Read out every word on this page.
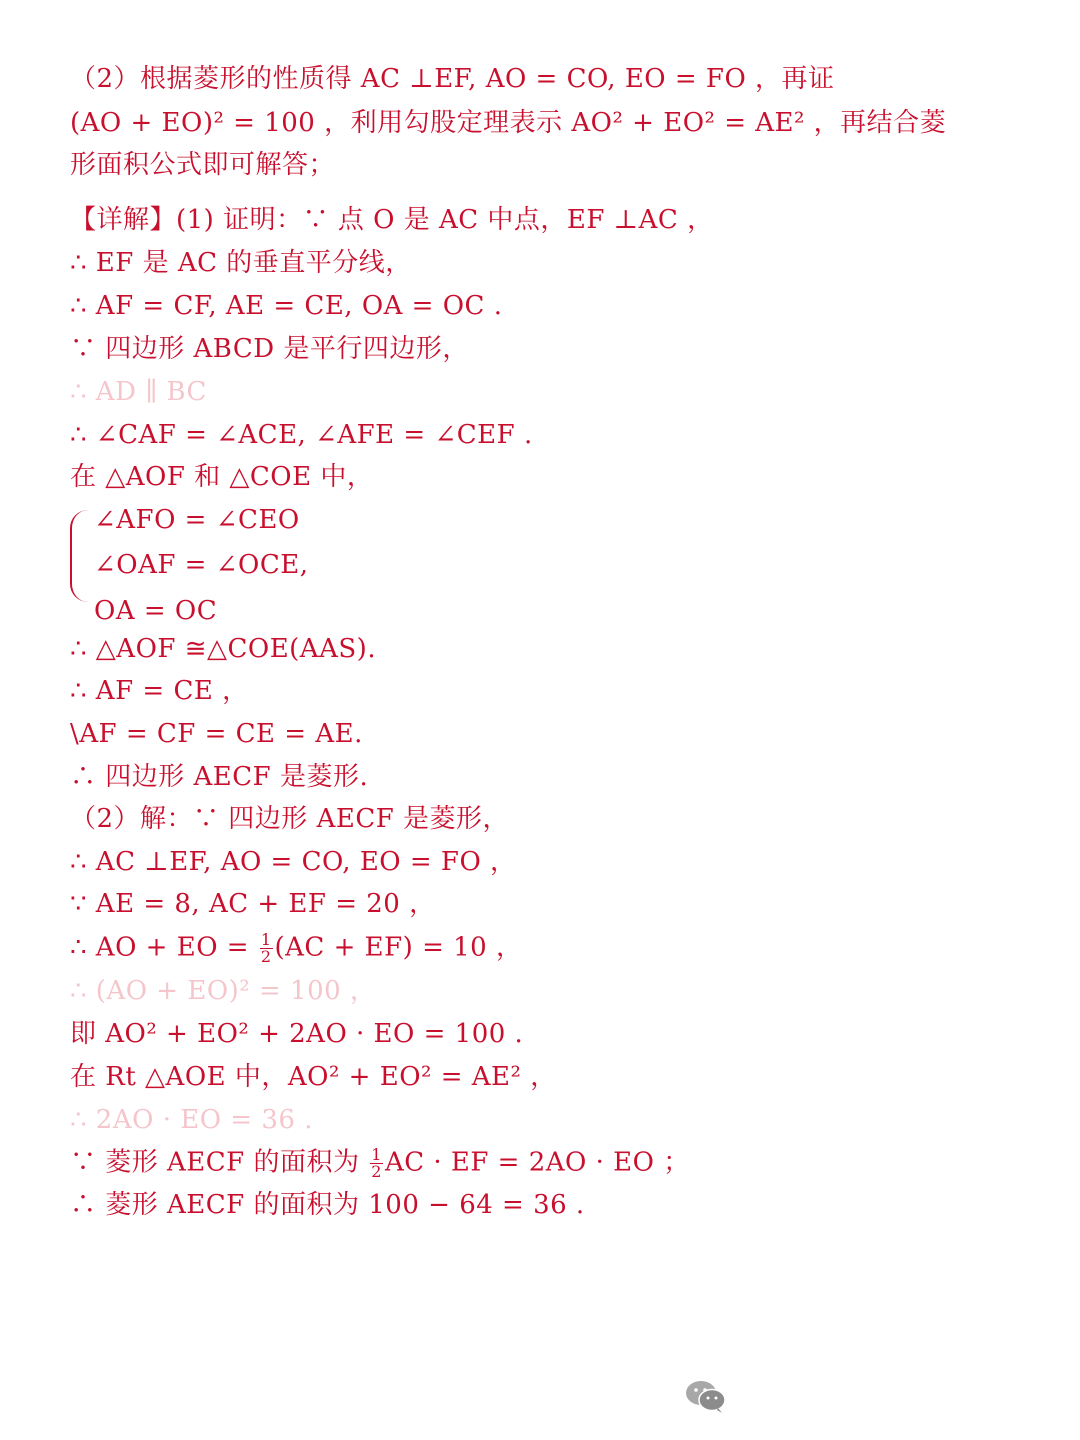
（2）根据菱形的性质得 AC ⊥EF, AO = CO, EO = FO ，再证
(AO + EO)² = 100 ，利用勾股定理表示 AO² + EO² = AE² ，再结合菱
形面积公式即可解答；
【详解】(1) 证明：∵ 点 O 是 AC 中点，EF ⊥AC ，
∴ EF 是 AC 的垂直平分线，
∴ AF = CF, AE = CE, OA = OC .
∵ 四边形 ABCD 是平行四边形，
∴ AD ∥ BC
∴ ∠CAF = ∠ACE, ∠AFE = ∠CEF .
在 △AOF 和 △COE 中，
∠AFO = ∠CEO
∠OAF = ∠OCE,
OA = OC
∴ △AOF ≅△COE(AAS).
∴ AF = CE ，
\AF = CF = CE = AE.
∴ 四边形 AECF 是菱形.
（2）解：∵ 四边形 AECF 是菱形，
∴ AC ⊥EF, AO = CO, EO = FO ，
∵ AE = 8, AC + EF = 20 ，
∴ AO + EO = $\frac{1}{2} (AC + EF) = 10$ ，
∴ (AO + EO)² = 100 ，
即 AO² + EO² + 2AO · EO = 100 .
在 Rt △AOE 中，AO² + EO² = AE² ，
∴ 2AO · EO = 36 .
∵ 菱形 AECF 的面积为 $\frac{1}{2}$ AC · EF = 2AO · EO ；
∴ 菱形 AECF 的面积为 100 − 64 = 36 .
